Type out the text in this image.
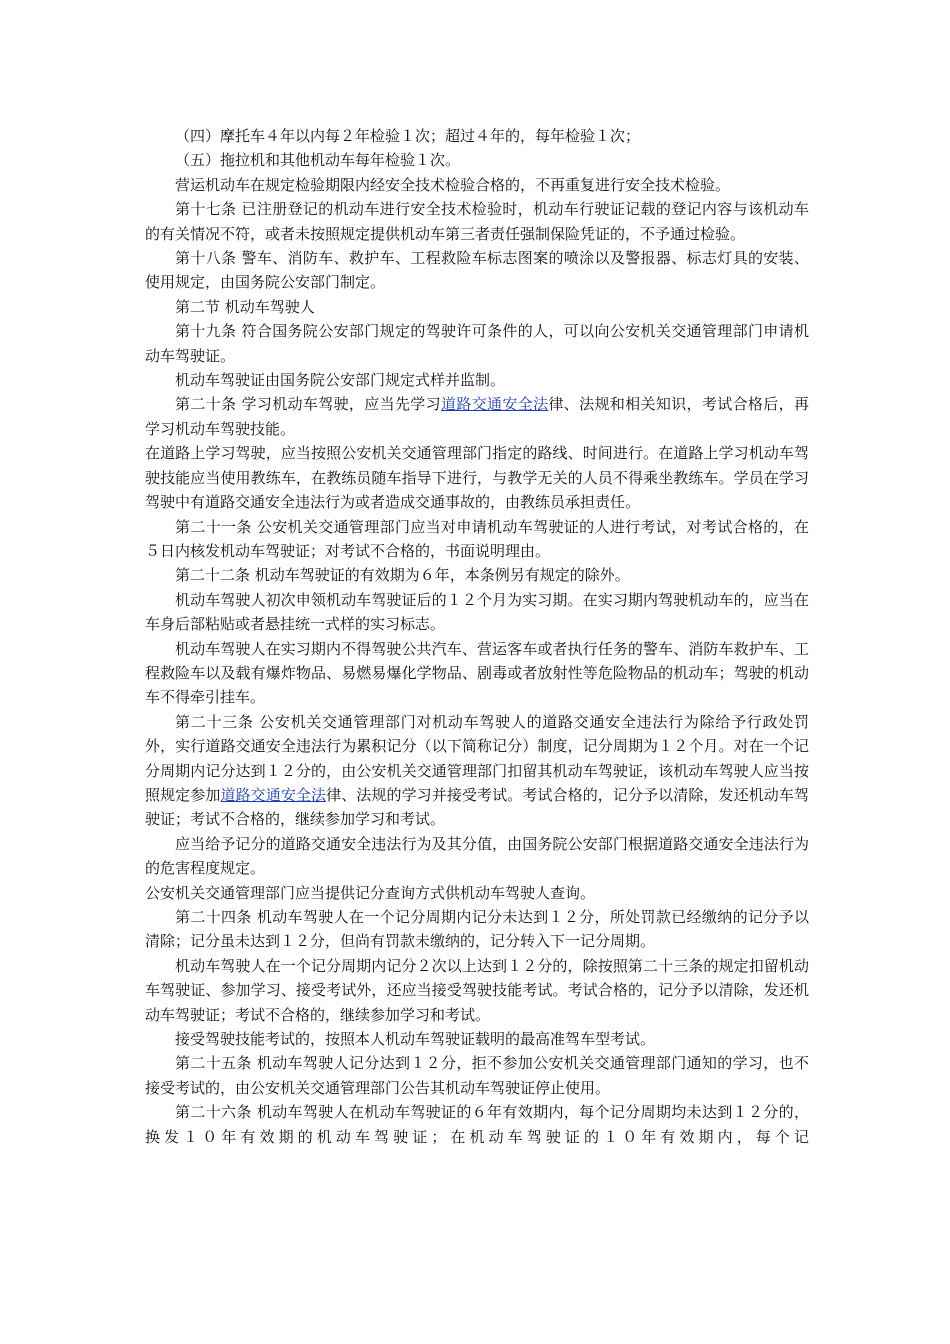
（四）摩托车４年以内每２年检验１次；超过４年的，每年检验１次；

（五）拖拉机和其他机动车每年检验１次。

营运机动车在规定检验期限内经安全技术检验合格的，不再重复进行安全技术检验。

第十七条 已注册登记的机动车进行安全技术检验时，机动车行驶证记载的登记内容与该机动车的有关情况不符，或者未按照规定提供机动车第三者责任强制保险凭证的，不予通过检验。

第十八条 警车、消防车、救护车、工程救险车标志图案的喷涂以及警报器、标志灯具的安装、使用规定，由国务院公安部门制定。

第二节 机动车驾驶人

第十九条 符合国务院公安部门规定的驾驶许可条件的人，可以向公安机关交通管理部门申请机动车驾驶证。

机动车驾驶证由国务院公安部门规定式样并监制。

第二十条 学习机动车驾驶，应当先学习道路交通安全法律、法规和相关知识，考试合格后，再学习机动车驾驶技能。

在道路上学习驾驶，应当按照公安机关交通管理部门指定的路线、时间进行。在道路上学习机动车驾驶技能应当使用教练车，在教练员随车指导下进行，与教学无关的人员不得乘坐教练车。学员在学习驾驶中有道路交通安全违法行为或者造成交通事故的，由教练员承担责任。

第二十一条 公安机关交通管理部门应当对申请机动车驾驶证的人进行考试，对考试合格的，在５日内核发机动车驾驶证；对考试不合格的，书面说明理由。

第二十二条 机动车驾驶证的有效期为６年，本条例另有规定的除外。

机动车驾驶人初次申领机动车驾驶证后的１２个月为实习期。在实习期内驾驶机动车的，应当在车身后部粘贴或者悬挂统一式样的实习标志。

机动车驾驶人在实习期内不得驾驶公共汽车、营运客车或者执行任务的警车、消防车救护车、工程救险车以及载有爆炸物品、易燃易爆化学物品、剧毒或者放射性等危险物品的机动车；驾驶的机动车不得牵引挂车。

第二十三条 公安机关交通管理部门对机动车驾驶人的道路交通安全违法行为除给予行政处罚外，实行道路交通安全违法行为累积记分（以下简称记分）制度，记分周期为１２个月。对在一个记分周期内记分达到１２分的，由公安机关交通管理部门扣留其机动车驾驶证，该机动车驾驶人应当按照规定参加道路交通安全法律、法规的学习并接受考试。考试合格的，记分予以清除，发还机动车驾驶证；考试不合格的，继续参加学习和考试。

应当给予记分的道路交通安全违法行为及其分值，由国务院公安部门根据道路交通安全违法行为的危害程度规定。

公安机关交通管理部门应当提供记分查询方式供机动车驾驶人查询。

第二十四条 机动车驾驶人在一个记分周期内记分未达到１２分，所处罚款已经缴纳的记分予以清除；记分虽未达到１２分，但尚有罚款未缴纳的，记分转入下一记分周期。

机动车驾驶人在一个记分周期内记分２次以上达到１２分的，除按照第二十三条的规定扣留机动车驾驶证、参加学习、接受考试外，还应当接受驾驶技能考试。考试合格的，记分予以清除，发还机动车驾驶证；考试不合格的，继续参加学习和考试。

接受驾驶技能考试的，按照本人机动车驾驶证载明的最高准驾车型考试。

第二十五条 机动车驾驶人记分达到１２分，拒不参加公安机关交通管理部门通知的学习，也不接受考试的，由公安机关交通管理部门公告其机动车驾驶证停止使用。

第二十六条 机动车驾驶人在机动车驾驶证的６年有效期内，每个记分周期均未达到１２分的，换发１０年有效期的机动车驾驶证；在机动车驾驶证的１０年有效期内，每个记
